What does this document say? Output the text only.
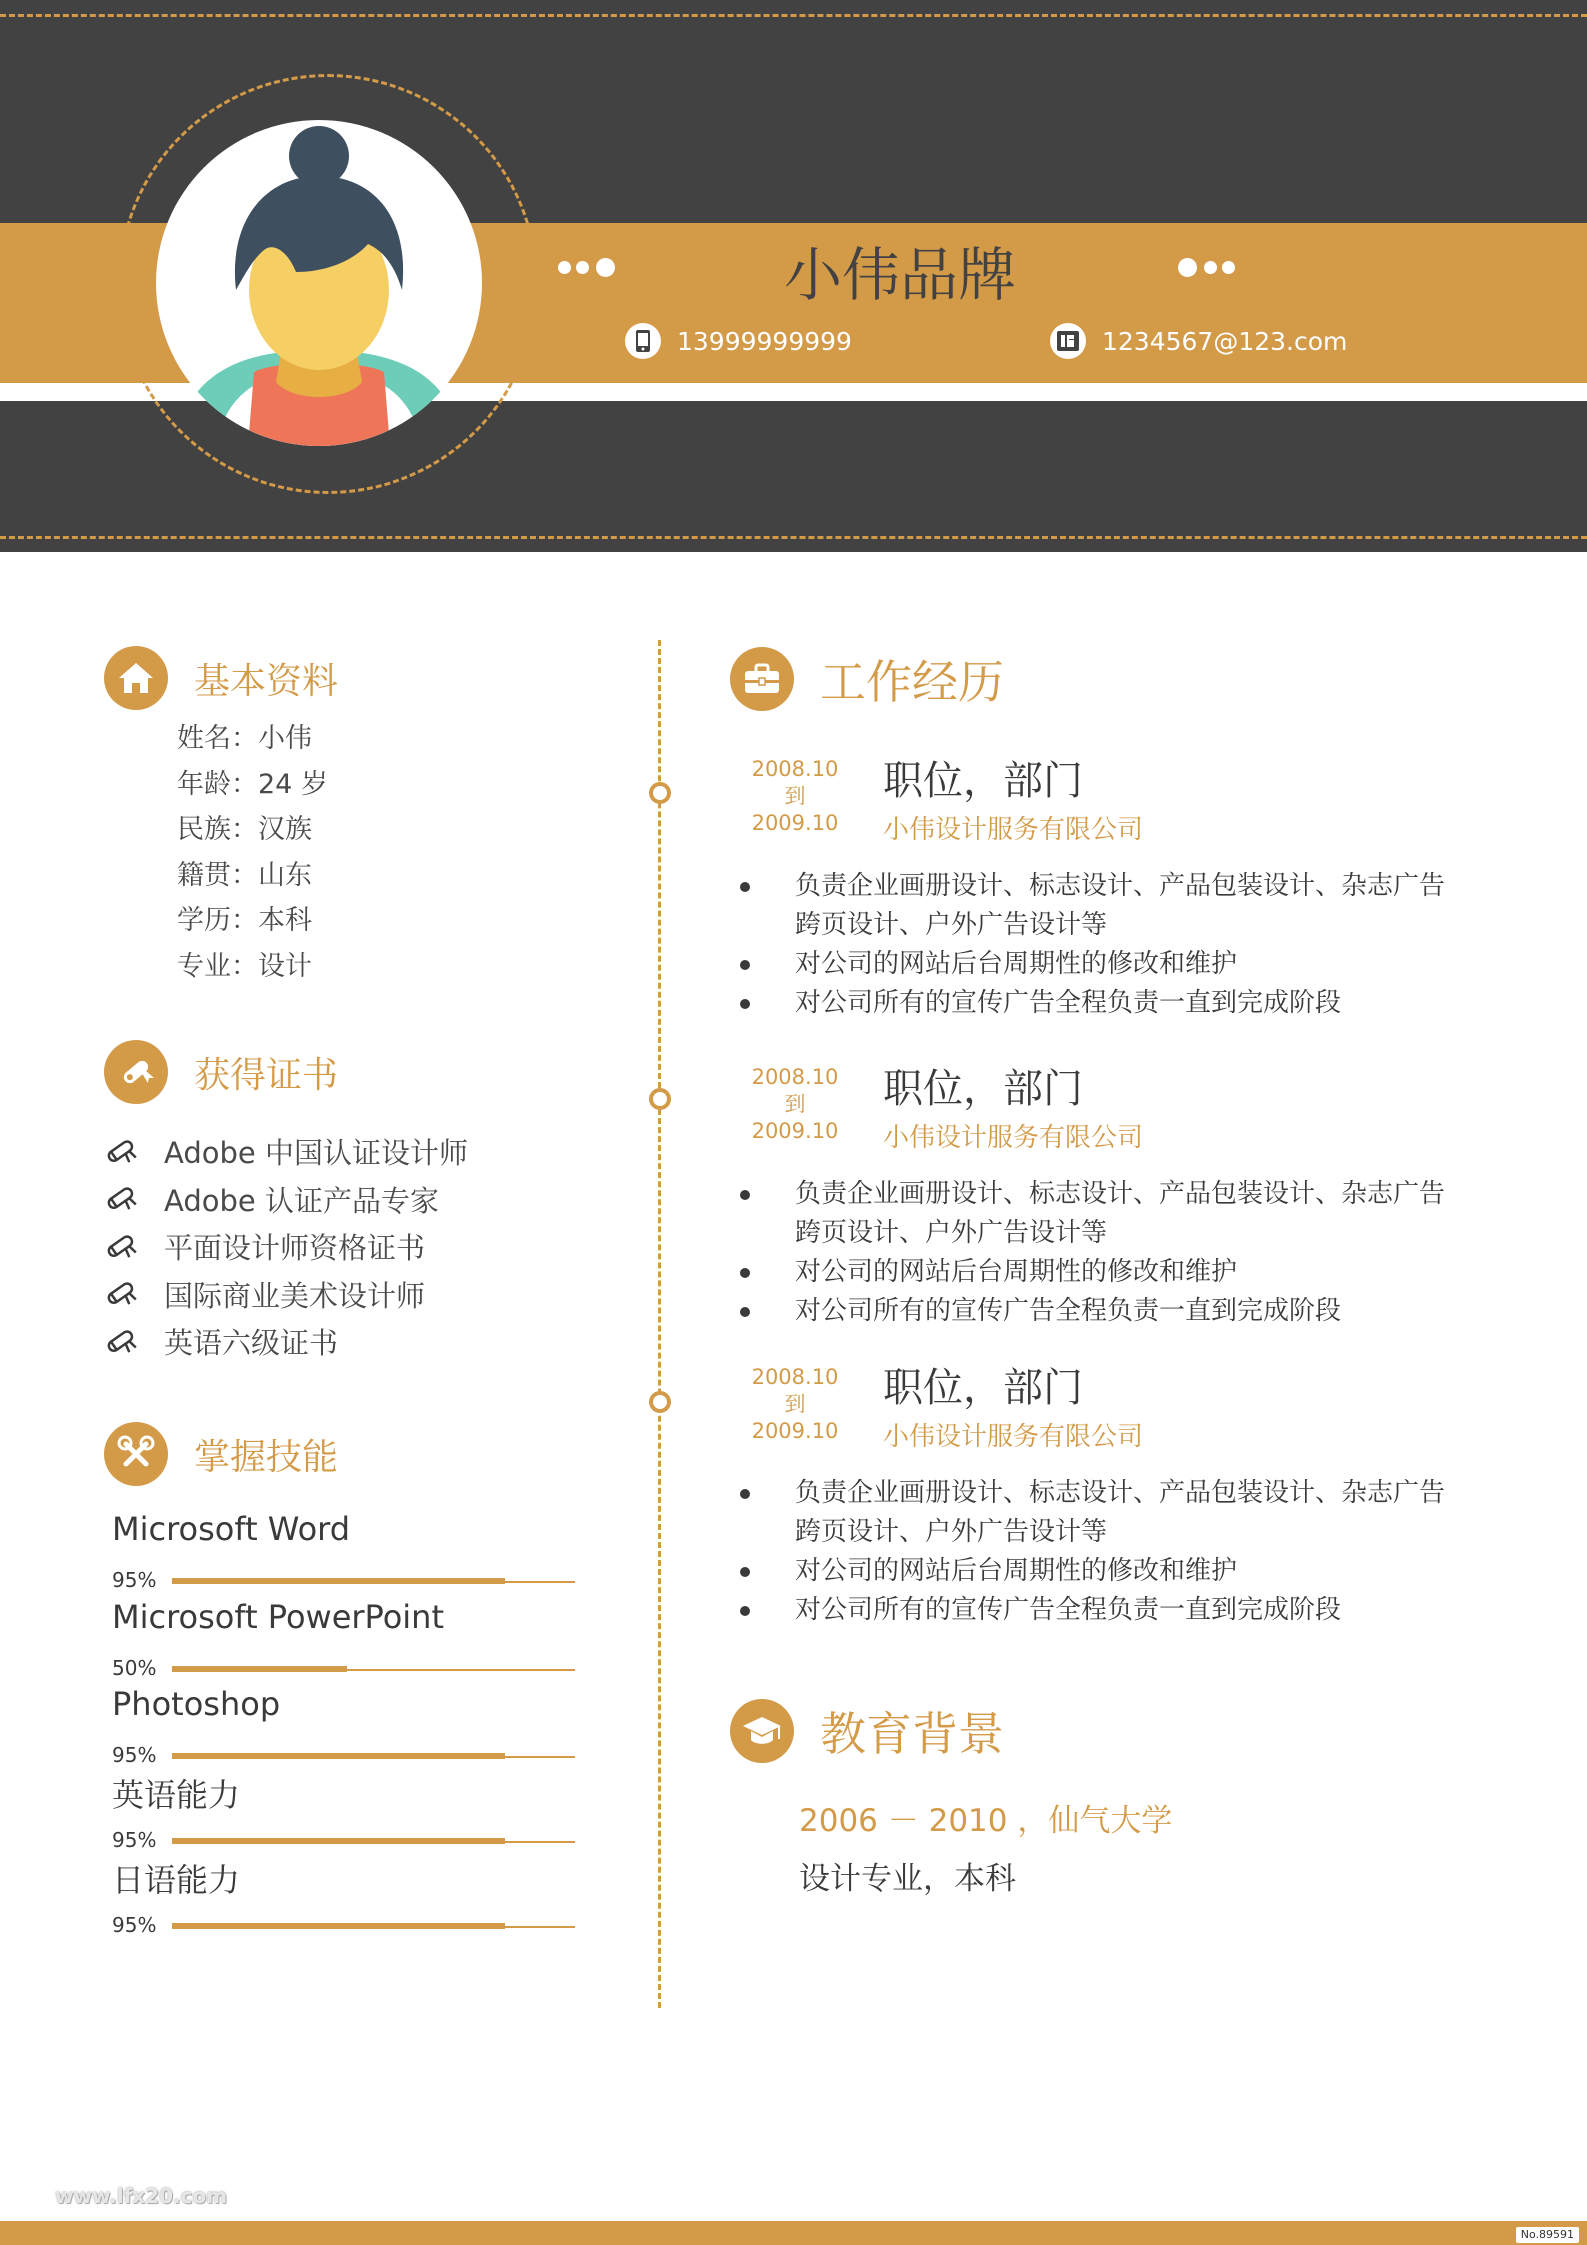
小伟品牌
13999999999	1234567@123.com
基本资料
姓名：小伟
年龄：24 岁
民族：汉族
籍贯：山东
学历：本科
专业：设计
获得证书
Adobe 中国认证设计师
Adobe 认证产品专家
平面设计师资格证书
国际商业美术设计师
英语六级证书
掌握技能
Microsoft Word
95%
Microsoft PowerPoint
50%
Photoshop
95%
英语能力
95%
日语能力
95%
工作经历
2008.10
到
2009.10
职位，部门
小伟设计服务有限公司
负责企业画册设计、标志设计、产品包装设计、杂志广告跨页设计、户外广告设计等
对公司的网站后台周期性的修改和维护
对公司所有的宣传广告全程负责一直到完成阶段
2008.10
到
2009.10
职位，部门
小伟设计服务有限公司
负责企业画册设计、标志设计、产品包装设计、杂志广告跨页设计、户外广告设计等
对公司的网站后台周期性的修改和维护
对公司所有的宣传广告全程负责一直到完成阶段
2008.10
到
2009.10
职位，部门
小伟设计服务有限公司
负责企业画册设计、标志设计、产品包装设计、杂志广告跨页设计、户外广告设计等
对公司的网站后台周期性的修改和维护
对公司所有的宣传广告全程负责一直到完成阶段
教育背景
2006 － 2010 ，仙气大学
设计专业，本科
www.lfx20.com
No.89591
